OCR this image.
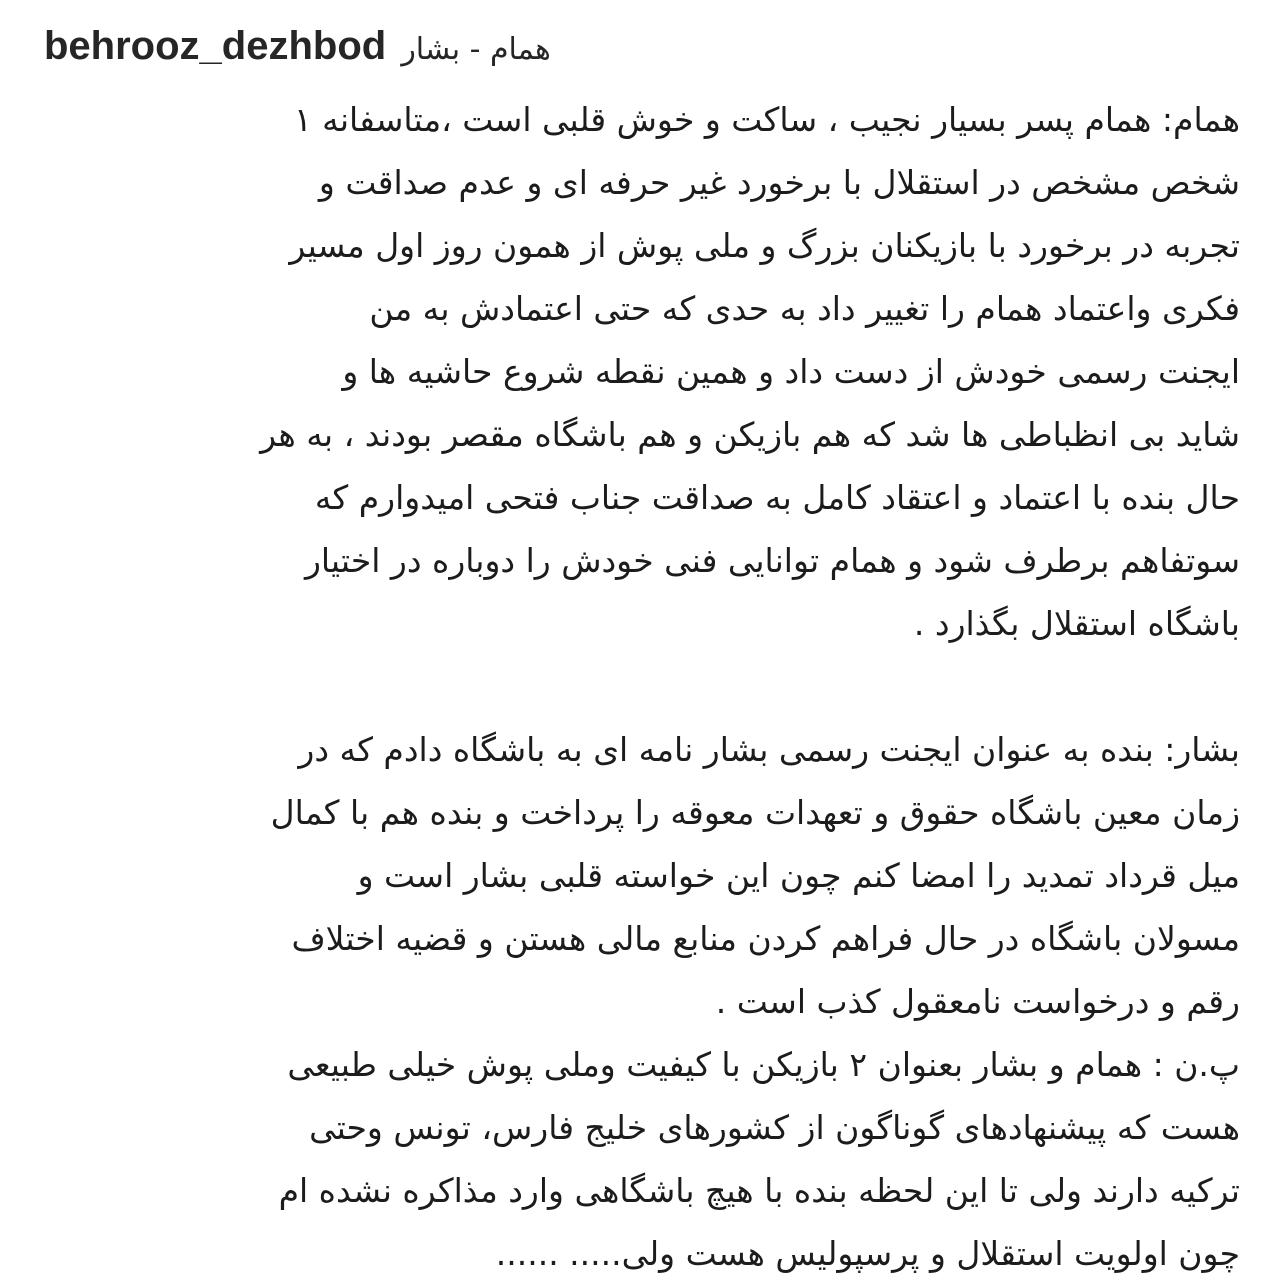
behrooz_dezhbod همام - بشار
همام: همام پسر بسیار نجیب ، ساکت و خوش قلبی است ،متاسفانه ۱
شخص مشخص در استقلال با برخورد غیر حرفه ای و عدم صداقت و
تجربه در برخورد با بازیکنان بزرگ و ملی پوش از همون روز اول مسیر
فکری واعتماد همام را تغییر داد به حدی که حتی اعتمادش به من
ایجنت رسمی خودش از دست داد و همین نقطه شروع حاشیه ها و
شاید بی انظباطی ها شد که هم بازیکن و هم باشگاه مقصر بودند ، به هر
حال بنده با اعتماد و اعتقاد کامل به صداقت جناب فتحی امیدوارم که
سوتفاهم برطرف شود و همام توانایی فنی خودش را دوباره در اختیار
باشگاه استقلال بگذارد .
بشار: بنده به عنوان ایجنت رسمی بشار نامه ای به باشگاه دادم که در
زمان معین باشگاه حقوق و تعهدات معوقه را پرداخت و بنده هم با کمال
میل قرداد تمدید را امضا کنم چون این خواسته قلبی بشار است و
مسولان باشگاه در حال فراهم کردن منابع مالی هستن و قضیه اختلاف
رقم و درخواست نامعقول کذب است .
پ.ن : همام و بشار بعنوان ۲ بازیکن با کیفیت وملی پوش خیلی طبیعی
هست که پیشنهادهای گوناگون از کشورهای خلیج فارس، تونس وحتی
ترکیه دارند ولی تا این لحظه بنده با هیچ باشگاهی وارد مذاکره نشده ام
چون اولویت استقلال و پرسپولیس هست ولی..... ......
